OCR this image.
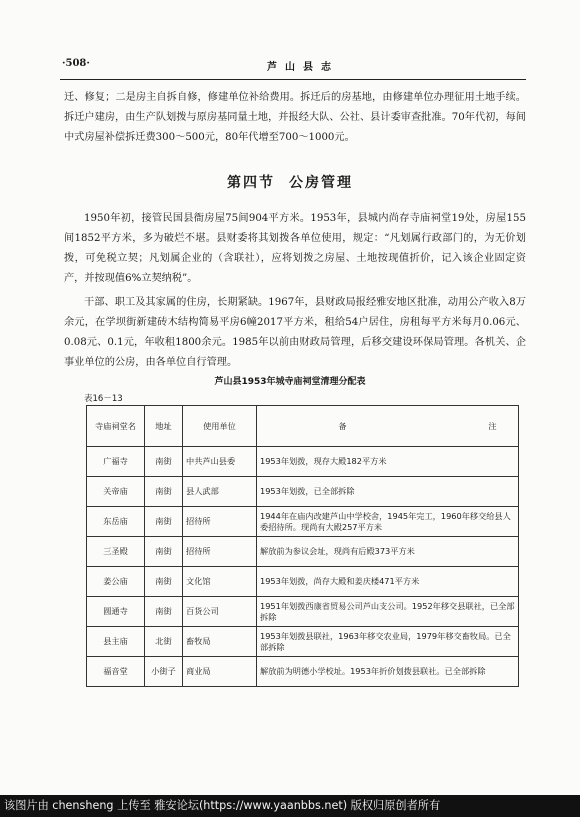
·508·	芦山县志

迁、修复；二是房主自拆自修，修建单位补给费用。拆迁后的房基地，由修建单位办理征用土地手续。拆迁户建房，由生产队划拨与原房基同量土地，并报经大队、公社、县计委审查批准。70年代初，每间中式房屋补偿拆迁费300～500元，80年代增至700～1000元。

第四节 公房管理

1950年初，接管民国县衙房屋75间904平方米。1953年，县城内尚存寺庙祠堂19处，房屋155间1852平方米，多为破烂不堪。县财委将其划拨各单位使用，规定：“凡划属行政部门的，为无价划拨，可免税立契；凡划属企业的（含联社），应将划拨之房屋、土地按现值折价，记入该企业固定资产，并按现值6%立契纳税”。

干部、职工及其家属的住房，长期紧缺。1967年，县财政局报经雅安地区批准，动用公产收入8万余元，在学坝街新建砖木结构简易平房6幢2017平方米，租给54户居住，房租每平方米每月0.06元、0.08元、0.1元，年收租1800余元。1985年以前由财政局管理，后移交建设环保局管理。各机关、企事业单位的公房，由各单位自行管理。

芦山县1953年城寺庙祠堂清理分配表
表16－13
寺庙祠堂名	地址	使用单位	备 注
广福寺	南街	中共芦山县委	1953年划拨，现存大殿182平方米
关帝庙	南街	县人武部	1953年划拨，已全部拆除
东岳庙	南街	招待所	1944年在庙内改建芦山中学校舍，1945年完工，1960年移交给县人委招待所。现尚有大殿257平方米
三圣殿	南街	招待所	解放前为参议会址，现尚有后殿373平方米
姜公庙	南街	文化馆	1953年划拨，尚存大殿和姜庆楼471平方米
圆通寺	南街	百货公司	1951年划拨西康省贸易公司芦山支公司。1952年移交县联社，已全部拆除
县主庙	北街	畜牧局	1953年划拨县联社，1963年移交农业局，1979年移交畜牧局。已全部拆除
福音堂	小街子	商业局	解放前为明德小学校址。1953年折价划拨县联社。已全部拆除
该图片由 chensheng 上传至 雅安论坛(https://www.yaanbbs.net) 版权归原创者所有
